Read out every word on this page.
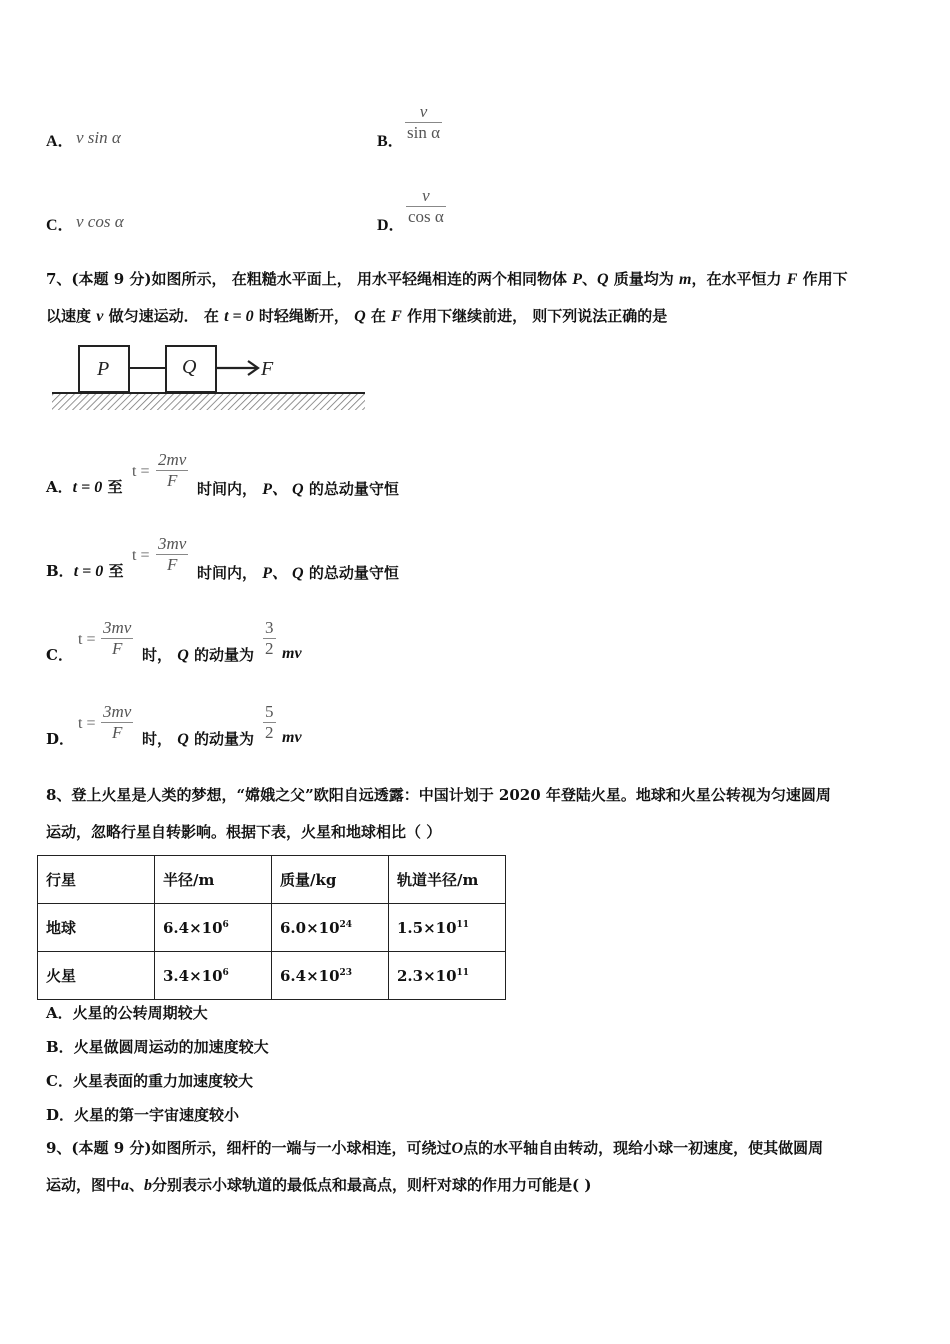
A． v sin α	B．
v
sin α
C． v cos α	D．
v
cos α
7、(本题 9 分)如图所示， 在粗糙水平面上， 用水平轻绳相连的两个相同物体 P、Q 质量均为 m，在水平恒力 F 作用下
以速度 v 做匀速运动． 在 t = 0 时轻绳断开， Q 在 F 作用下继续前进， 则下列说法正确的是
P	Q	F
A．t = 0 至
t =
2mv
F	时间内， P、 Q 的总动量守恒
B．t = 0 至
t =
3mv
F	时间内， P、 Q 的总动量守恒
C．
t =
3mv
F	时， Q 的动量为
3
2 mv
D．
t =
3mv
F	时， Q 的动量为
5
2 mv
8、登上火星是人类的梦想，“嫦娥之父”欧阳自远透露：中国计划于 2020 年登陆火星。地球和火星公转视为匀速圆周
运动，忽略行星自转影响。根据下表，火星和地球相比（ ）
行星	半径/m	质量/kg	轨道半径/m
地球	$6.4\times 10^6$	$6.0\times 10^{24}$	$1.5\times 10^{11}$
火星	$3.4\times 10^6$	$6.4\times 10^{23}$	$2.3\times 10^{11}$
A．火星的公转周期较大
B．火星做圆周运动的加速度较大
C．火星表面的重力加速度较大
D．火星的第一宇宙速度较小
9、(本题 9 分)如图所示，细杆的一端与一小球相连，可绕过O点的水平轴自由转动，现给小球一初速度，使其做圆周
运动，图中a、b分别表示小球轨道的最低点和最高点，则杆对球的作用力可能是( )
